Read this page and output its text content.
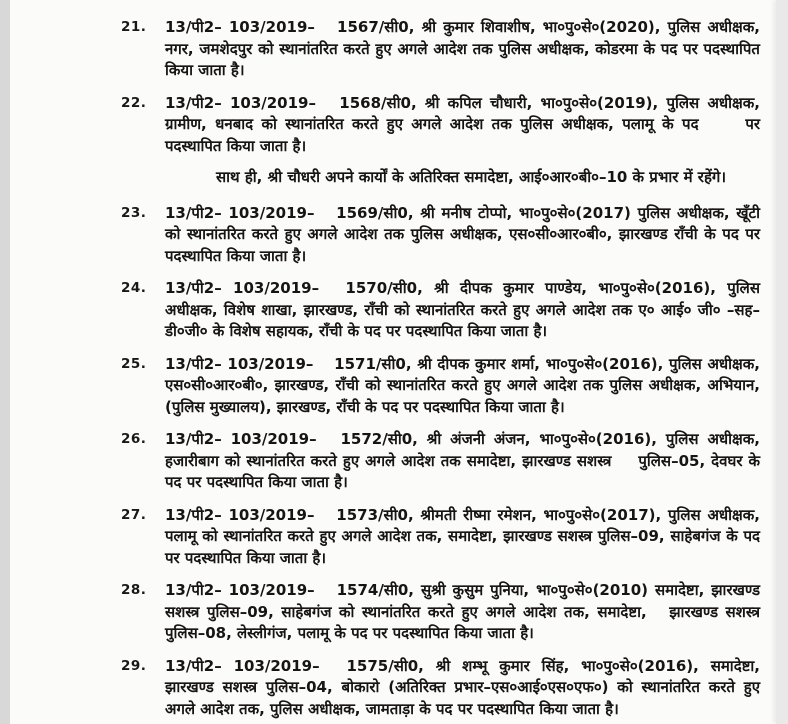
21.	13/पी2– 103/2019–  1567/सी0, श्री कुमार शिवाशीष, भा०पु०से०(2020), पुलिस अधीक्षक, नगर, जमशेदपुर को स्थानांतरित करते हुए अगले आदेश तक पुलिस अधीक्षक, कोडरमा के पद पर पदस्थापित किया जाता है।

22.	13/पी2– 103/2019–  1568/सी0, श्री कपिल चौधारी, भा०पु०से०(2019), पुलिस अधीक्षक, ग्रामीण, धनबाद को स्थानांतरित करते हुए अगले आदेश तक पुलिस अधीक्षक, पलामू के पद    पर पदस्थापित किया जाता है।

साथ ही, श्री चौधरी अपने कार्यों के अतिरिक्त समादेष्टा, आई०आर०बी०–10 के प्रभार में रहेंगे।

23.	13/पी2– 103/2019–  1569/सी0, श्री मनीष टोप्पो, भा०पु०से०(2017) पुलिस अधीक्षक, खूँटी को स्थानांतरित करते हुए अगले आदेश तक पुलिस अधीक्षक, एस०सी०आर०बी०, झारखण्ड राँची के पद पर पदस्थापित किया जाता है।

24.	13/पी2– 103/2019–  1570/सी0, श्री दीपक कुमार पाण्डेय, भा०पु०से०(2016), पुलिस अधीक्षक, विशेष शाखा, झारखण्ड, राँची को स्थानांतरित करते हुए अगले आदेश तक ए० आई० जी० –सह– डी०जी० के विशेष सहायक, राँची के पद पर पदस्थापित किया जाता है।

25.	13/पी2– 103/2019–  1571/सी0, श्री दीपक कुमार शर्मा, भा०पु०से०(2016), पुलिस अधीक्षक, एस०सी०आर०बी०, झारखण्ड, राँची को स्थानांतरित करते हुए अगले आदेश तक पुलिस अधीक्षक, अभियान, (पुलिस मुख्यालय), झारखण्ड, राँची के पद पर पदस्थापित किया जाता है।

26.	13/पी2– 103/2019–  1572/सी0, श्री अंजनी अंजन, भा०पु०से०(2016), पुलिस अधीक्षक, हजारीबाग को स्थानांतरित करते हुए अगले आदेश तक समादेष्टा, झारखण्ड सशस्त्र   पुलिस–05, देवघर के पद पर पदस्थापित किया जाता है।

27.	13/पी2– 103/2019–  1573/सी0, श्रीमती रीष्मा रमेशन, भा०पु०से०(2017), पुलिस अधीक्षक, पलामू को स्थानांतरित करते हुए अगले आदेश तक, समादेष्टा, झारखण्ड सशस्त्र पुलिस–09, साहेबगंज के पद पर पदस्थापित किया जाता है।

28.	13/पी2– 103/2019–  1574/सी0, सुश्री कुसुम पुनिया, भा०पु०से०(2010) समादेष्टा, झारखण्ड सशस्त्र पुलिस–09, साहेबगंज को स्थानांतरित करते हुए अगले आदेश तक, समादेष्टा,  झारखण्ड सशस्त्र पुलिस–08, लेस्लीगंज, पलामू के पद पर पदस्थापित किया जाता है।

29.	13/पी2– 103/2019–  1575/सी0, श्री शम्भू कुमार सिंह, भा०पु०से०(2016), समादेष्टा, झारखण्ड सशस्त्र पुलिस–04, बोकारो (अतिरिक्त प्रभार–एस०आई०एस०एफ०) को स्थानांतरित करते हुए अगले आदेश तक, पुलिस अधीक्षक, जामताड़ा के पद पर पदस्थापित किया जाता है।
